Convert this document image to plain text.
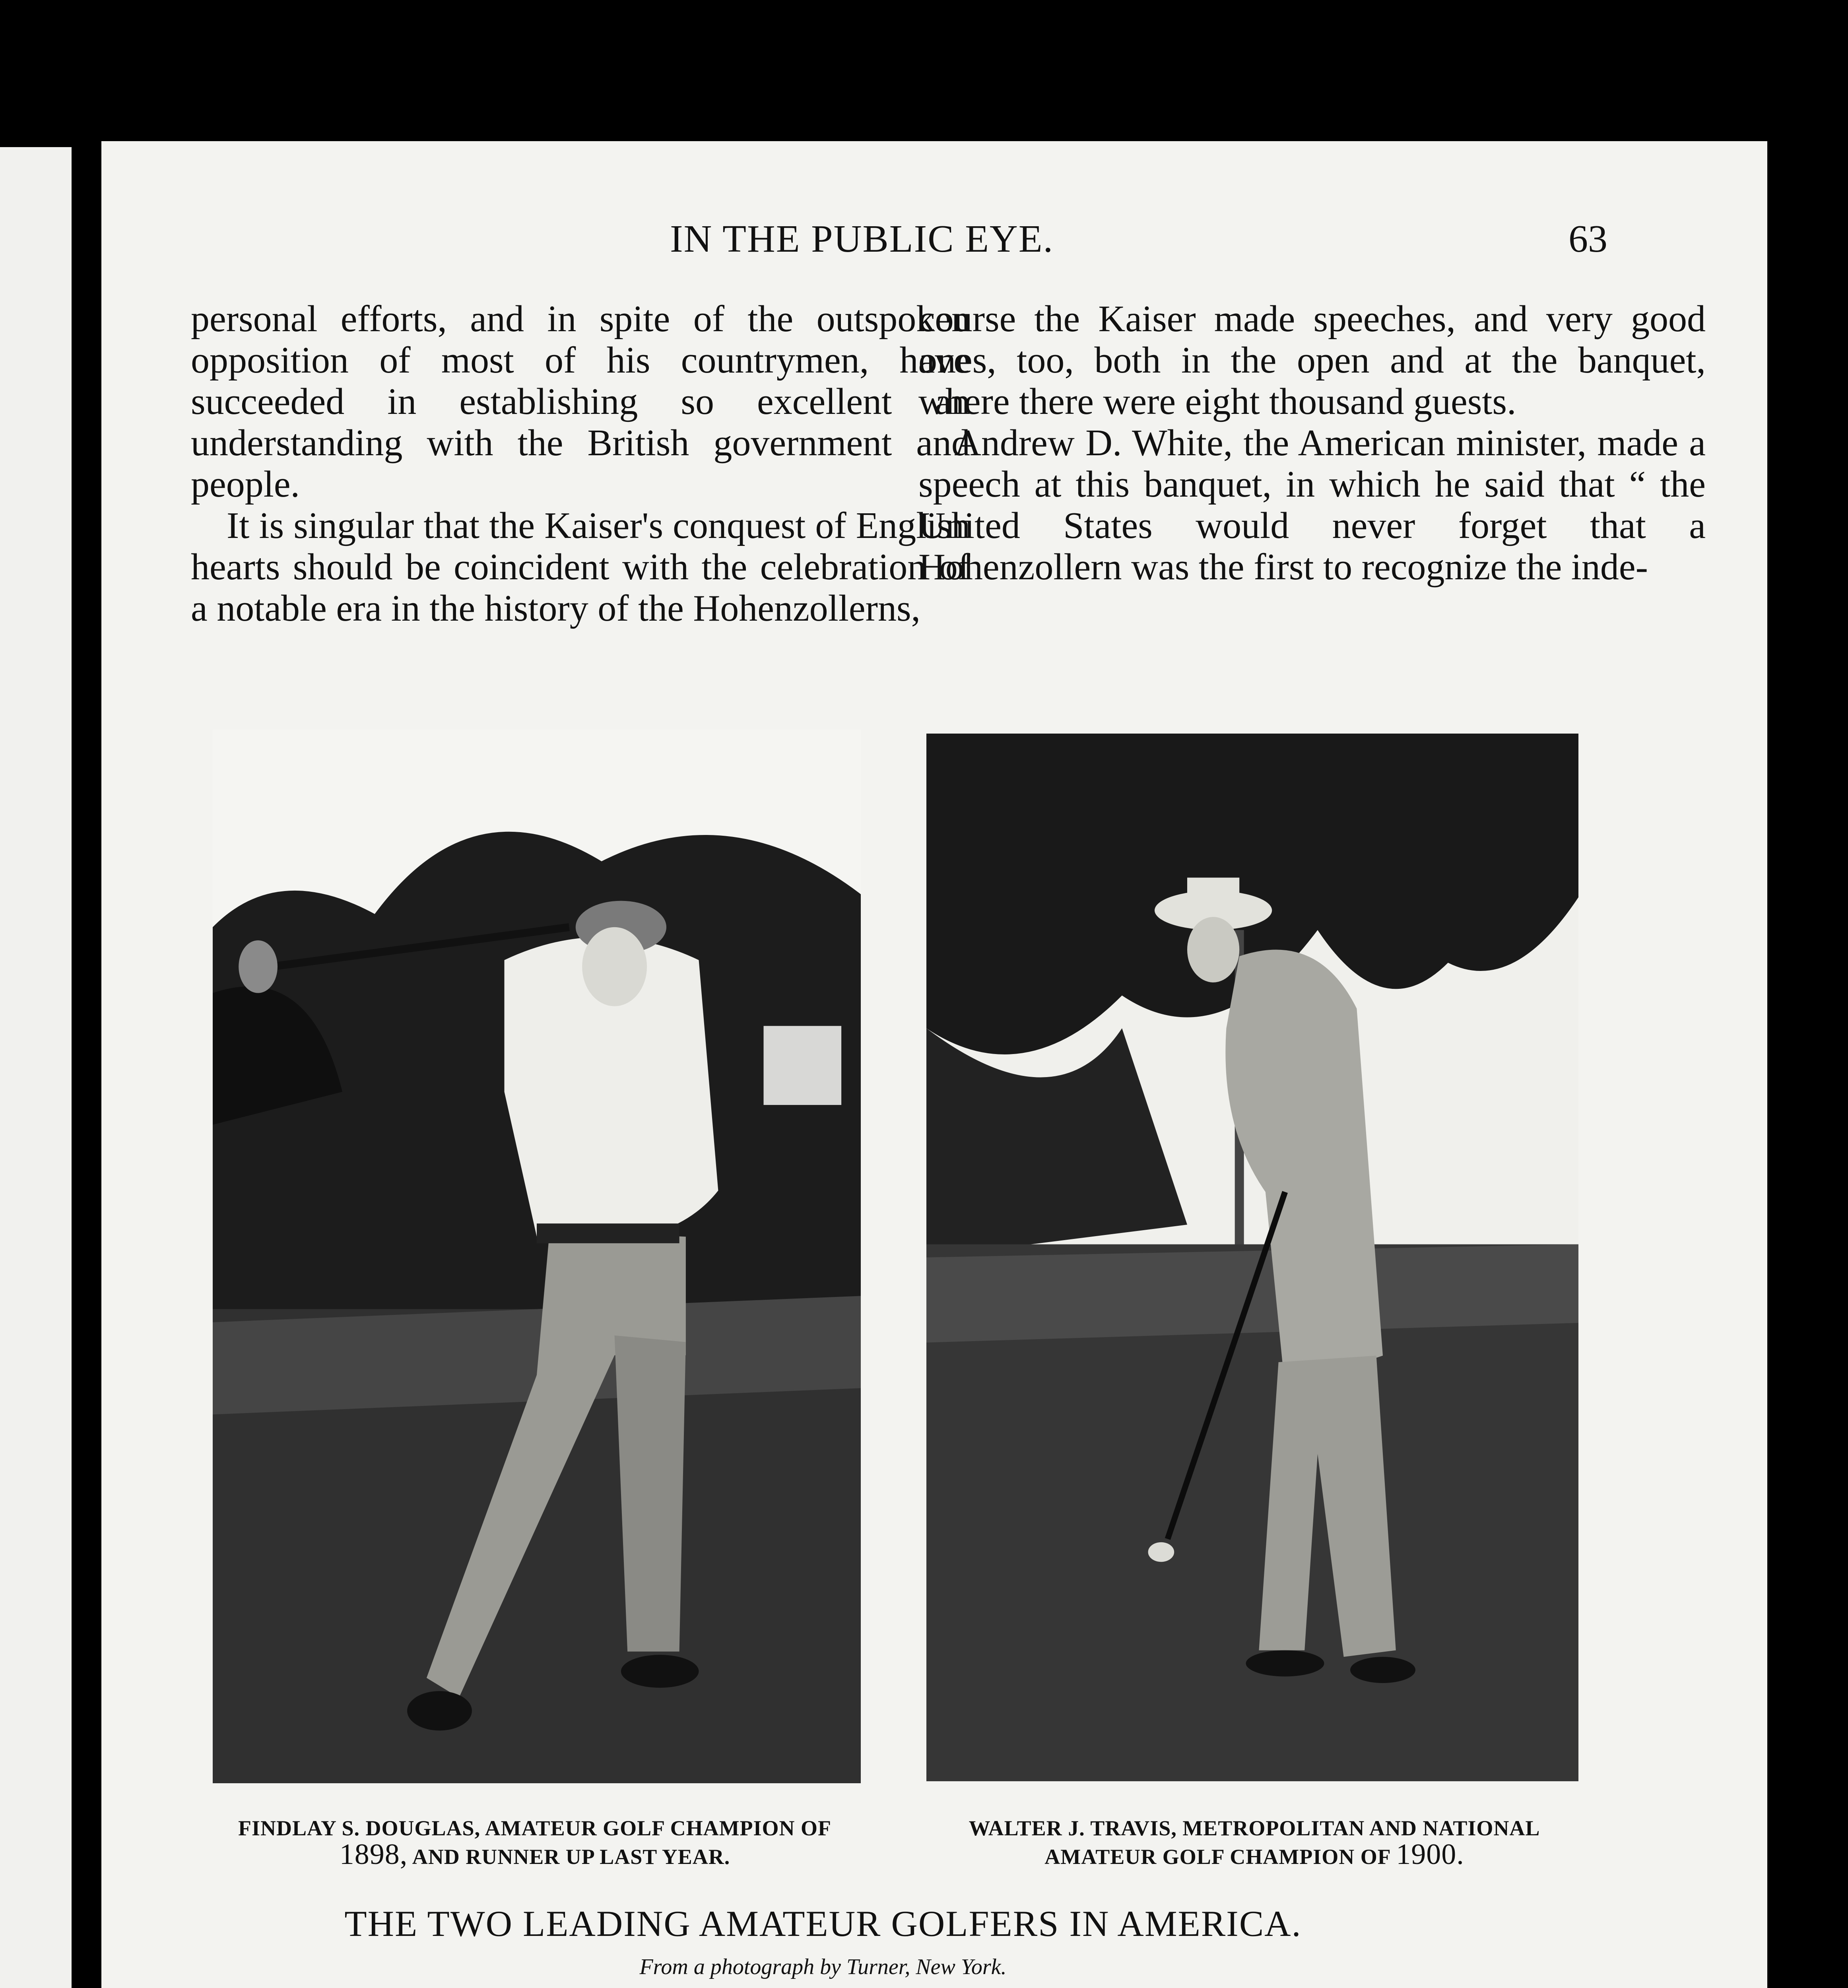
IN THE PUBLIC EYE.	63

personal efforts, and in spite of the outspoken opposition of most of his countrymen, have succeeded in establishing so excellent an understanding with the British government and people.

It is singular that the Kaiser's conquest of English hearts should be coincident with the celebration of a notable era in the history of the Hohenzollerns,

course the Kaiser made speeches, and very good ones, too, both in the open and at the banquet, where there were eight thousand guests.

Andrew D. White, the American minister, made a speech at this banquet, in which he said that “ the United States would never forget that a Hohenzollern was the first to recognize the inde-

FINDLAY S. DOUGLAS, AMATEUR GOLF CHAMPION OF
1898, AND RUNNER UP LAST YEAR.
WALTER J. TRAVIS, METROPOLITAN AND NATIONAL
AMATEUR GOLF CHAMPION OF 1900.
THE TWO LEADING AMATEUR GOLFERS IN AMERICA.
From a photograph by Turner, New York.
